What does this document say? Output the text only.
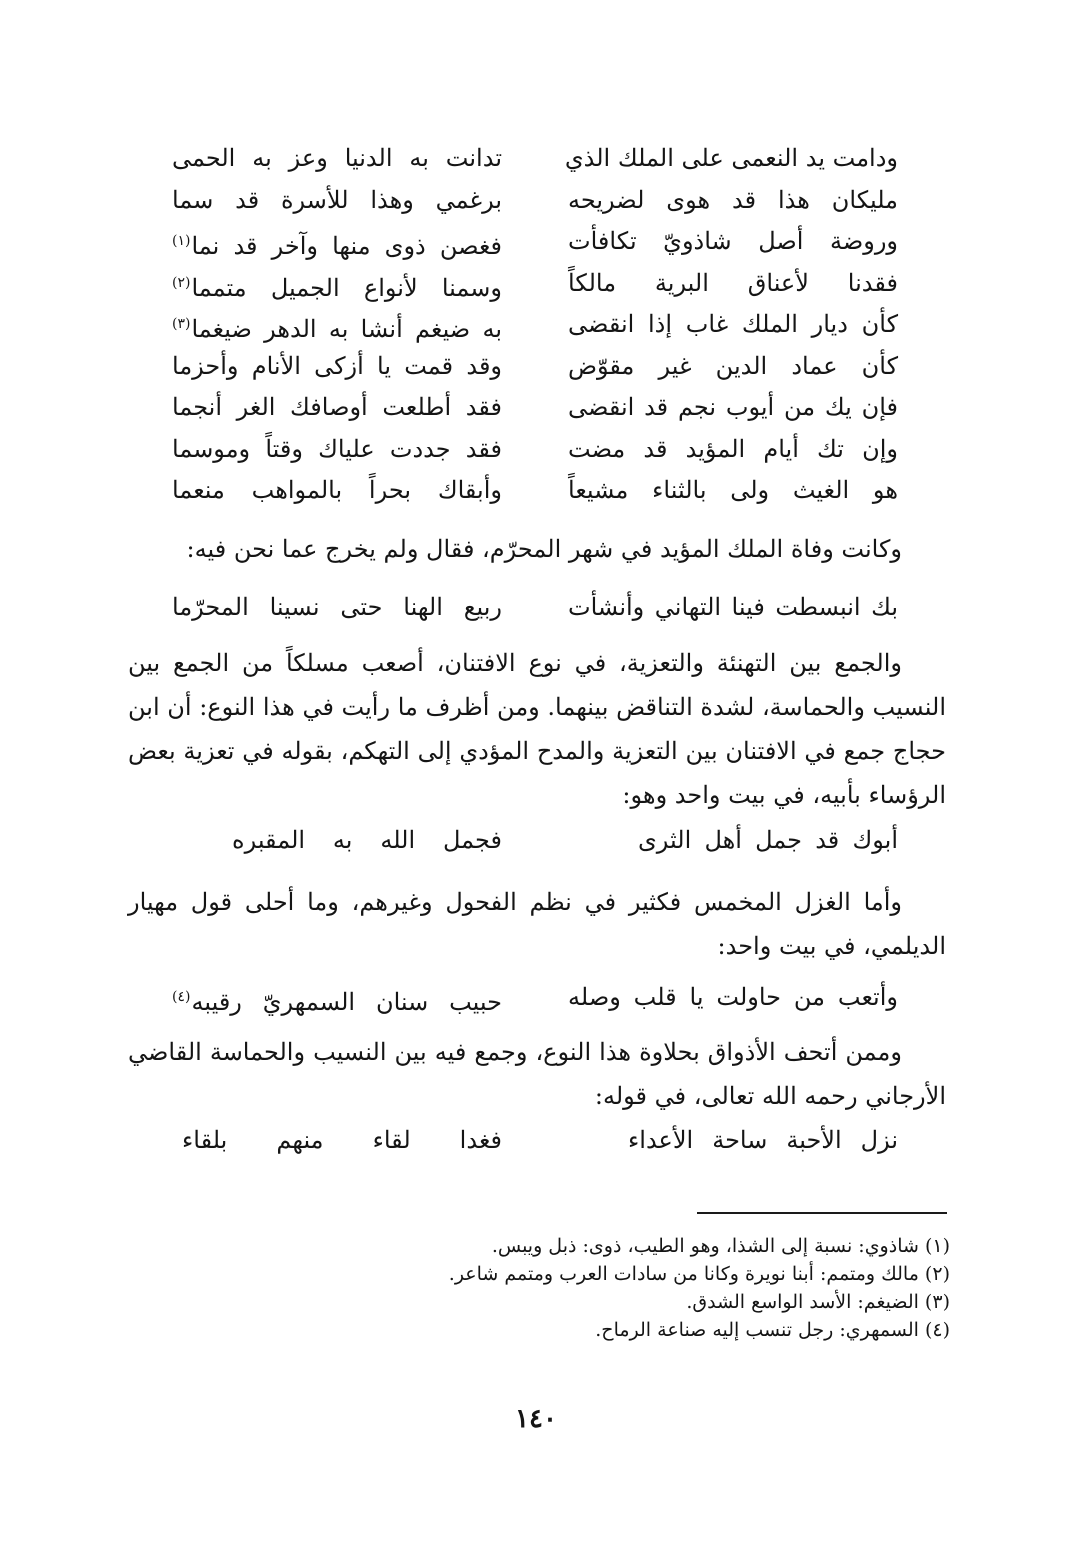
ودامت يد النعمى على الملك الذي
تدانت به الدنيا وعز به الحمى
مليكان هذا قد هوى لضريحه
برغمي وهذا للأسرة قد سما
وروضة أصل شاذويّ تكافأت
فغصن ذوى منها وآخر قد نما$^{(١)}$
فقدنا لأعناق البرية مالكاً
وسمنا لأنواع الجميل متمما$^{(٢)}$
كأن ديار الملك غاب إذا انقضى
به ضيغم أنشا به الدهر ضيغما$^{(٣)}$
كأن عماد الدين غير مقوّض
وقد قمت يا أزكى الأنام وأحزما
فإن يك من أيوب نجم قد انقضى
فقد أطلعت أوصافك الغر أنجما
وإن تك أيام المؤيد قد مضت
فقد جددت علياك وقتاً وموسما
هو الغيث ولى بالثناء مشيعاً
وأبقاك بحراً بالمواهب منعما
وكانت وفاة الملك المؤيد في شهر المحرّم، فقال ولم يخرج عما نحن فيه:
بك انبسطت فينا التهاني وأنشأت
ربيع الهنا حتى نسينا المحرّما
والجمع بين التهنئة والتعزية، في نوع الافتنان، أصعب مسلكاً من الجمع بين النسيب والحماسة، لشدة التناقض بينهما. ومن أظرف ما رأيت في هذا النوع: أن ابن حجاج جمع في الافتنان بين التعزية والمدح المؤدي إلى التهكم، بقوله في تعزية بعض الرؤساء بأبيه، في بيت واحد وهو:
أبوك قد جمل أهل الثرى
فجمل الله به المقبره
وأما الغزل المخمس فكثير في نظم الفحول وغيرهم، وما أحلى قول مهيار الديلمي، في بيت واحد:
وأتعب من حاولت يا قلب وصله
حبيب سنان السمهريّ رقيبه$^{(٤)}$
وممن أتحف الأذواق بحلاوة هذا النوع، وجمع فيه بين النسيب والحماسة القاضي الأرجاني رحمه الله تعالى، في قوله:
نزل الأحبة ساحة الأعداء
فغدا لقاء منهم بلقاء
(١) شاذوي: نسبة إلى الشذا، وهو الطيب، ذوى: ذبل ويبس.
(٢) مالك ومتمم: أبنا نويرة وكانا من سادات العرب ومتمم شاعر.
(٣) الضيغم: الأسد الواسع الشدق.
(٤) السمهري: رجل تنسب إليه صناعة الرماح.
١٤٠
